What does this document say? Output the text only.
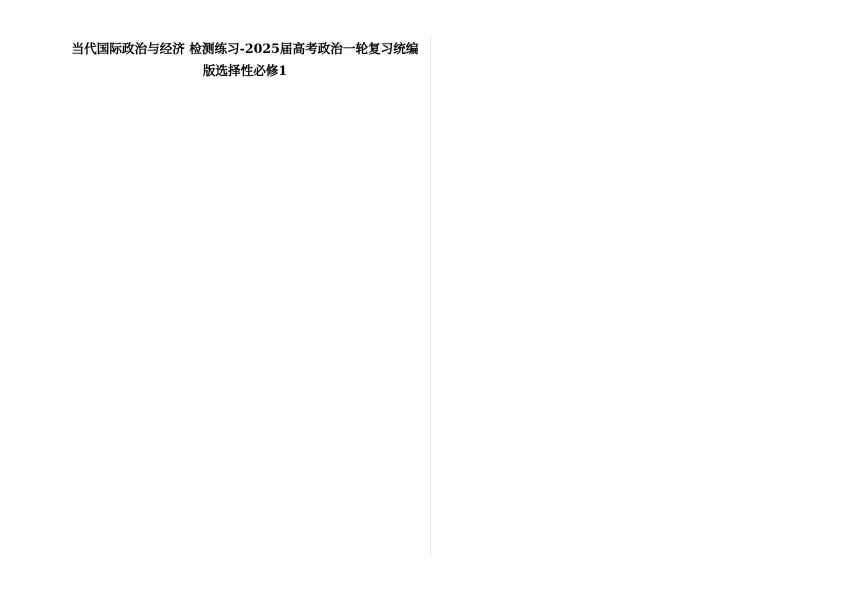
当代国际政治与经济 检测练习-2025届高考政治一轮复习统编版选择性必修1
